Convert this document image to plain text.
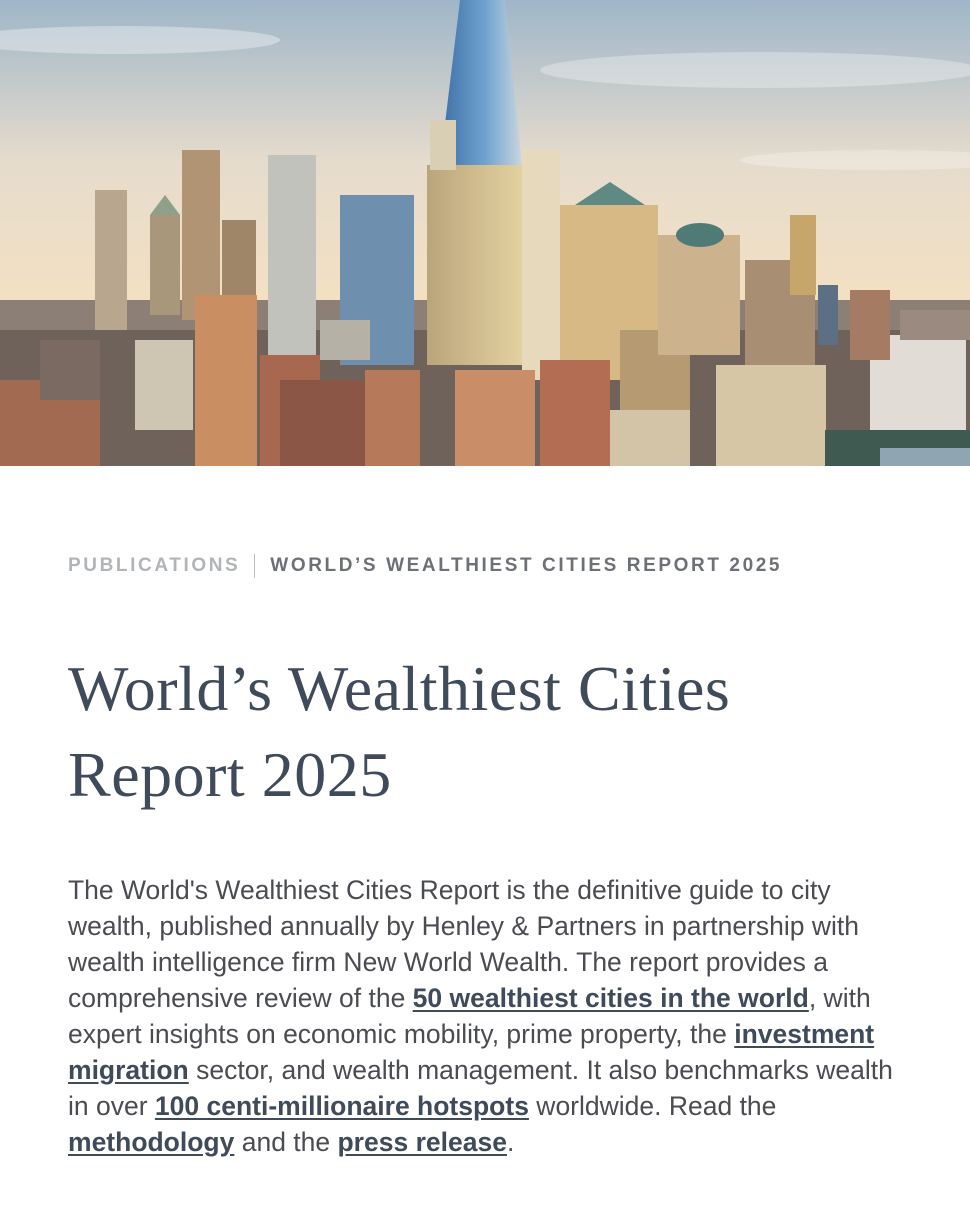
PUBLICATIONS WORLD’S WEALTHIEST CITIES REPORT 2025
World’s Wealthiest Cities
Report 2025

The World's Wealthiest Cities Report is the definitive guide to city wealth, published annually by Henley & Partners in partnership with wealth intelligence firm New World Wealth. The report provides a comprehensive review of the 50 wealthiest cities in the world, with expert insights on economic mobility, prime property, the investment migration sector, and wealth management. It also benchmarks wealth in over 100 centi-millionaire hotspots worldwide. Read the methodology and the press release.
